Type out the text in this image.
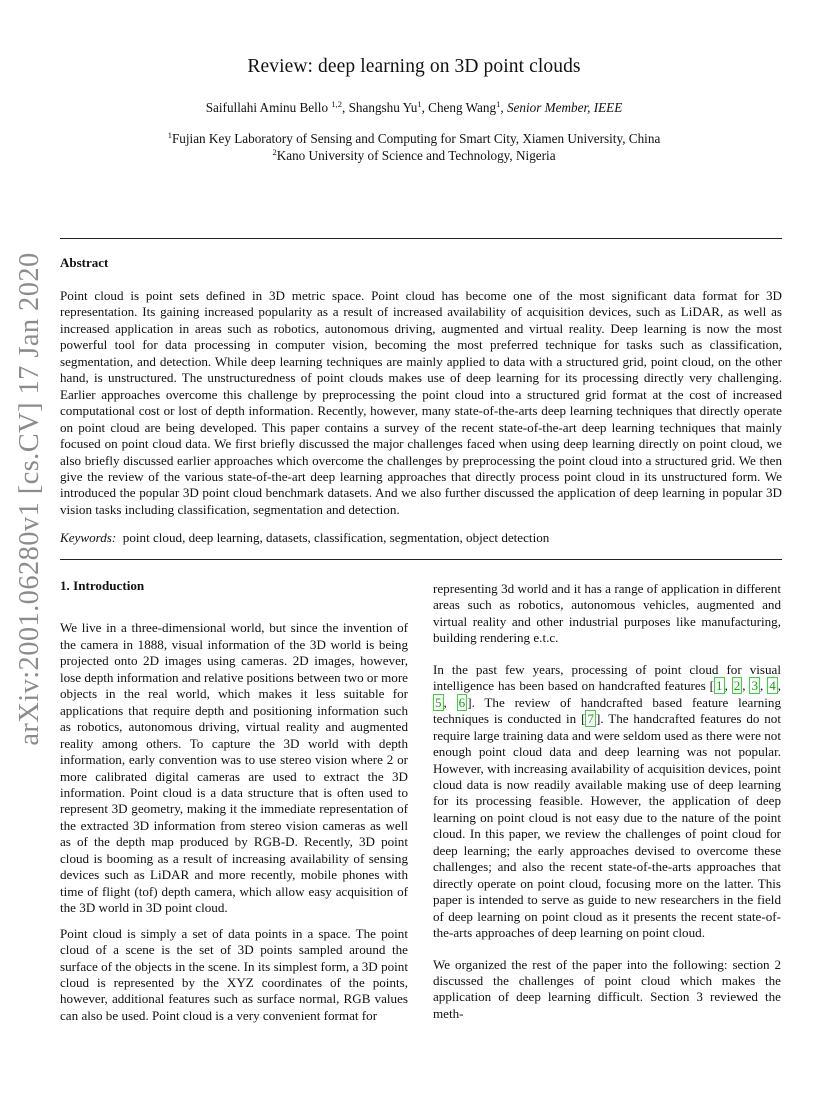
Review: deep learning on 3D point clouds
Saifullahi Aminu Bello $^{1,2}$, Shangshu Yu$^1$, Cheng Wang$^1$, Senior Member, IEEE
$^1$Fujian Key Laboratory of Sensing and Computing for Smart City, Xiamen University, China
$^2$Kano University of Science and Technology, Nigeria
Abstract

Point cloud is point sets defined in 3D metric space. Point cloud has become one of the most significant data format for 3D representation. Its gaining increased popularity as a result of increased availability of acquisition devices, such as LiDAR, as well as increased application in areas such as robotics, autonomous driving, augmented and virtual reality. Deep learning is now the most powerful tool for data processing in computer vision, becoming the most preferred technique for tasks such as classification, segmentation, and detection. While deep learning techniques are mainly applied to data with a structured grid, point cloud, on the other hand, is unstructured. The unstructuredness of point clouds makes use of deep learning for its processing directly very challenging. Earlier approaches overcome this challenge by preprocessing the point cloud into a structured grid format at the cost of increased computational cost or lost of depth information. Recently, however, many state-of-the-arts deep learning techniques that directly operate on point cloud are being developed. This paper contains a survey of the recent state-of-the-art deep learning techniques that mainly focused on point cloud data. We first briefly discussed the major challenges faced when using deep learning directly on point cloud, we also briefly discussed earlier approaches which overcome the challenges by preprocessing the point cloud into a structured grid. We then give the review of the various state-of-the-art deep learning approaches that directly process point cloud in its unstructured form. We introduced the popular 3D point cloud benchmark datasets. And we also further discussed the application of deep learning in popular 3D vision tasks including classification, segmentation and detection.

Keywords: point cloud, deep learning, datasets, classification, segmentation, object detection
arXiv:2001.06280v1 [cs.CV] 17 Jan 2020 1. Introduction

We live in a three-dimensional world, but since the invention of the camera in 1888, visual information of the 3D world is being projected onto 2D images using cameras. 2D images, however, lose depth information and relative positions between two or more objects in the real world, which makes it less suitable for applications that require depth and positioning information such as robotics, autonomous driving, virtual reality and augmented reality among others. To capture the 3D world with depth information, early convention was to use stereo vision where 2 or more calibrated digital cameras are used to extract the 3D information. Point cloud is a data structure that is often used to represent 3D geometry, making it the immediate representation of the extracted 3D information from stereo vision cameras as well as of the depth map produced by RGB-D. Recently, 3D point cloud is booming as a result of increasing availability of sensing devices such as LiDAR and more recently, mobile phones with time of flight (tof) depth camera, which allow easy acquisition of the 3D world in 3D point cloud.

Point cloud is simply a set of data points in a space. The point cloud of a scene is the set of 3D points sampled around the surface of the objects in the scene. In its simplest form, a 3D point cloud is represented by the XYZ coordinates of the points, however, additional features such as surface normal, RGB values can also be used. Point cloud is a very convenient format for

representing 3d world and it has a range of application in different areas such as robotics, autonomous vehicles, augmented and virtual reality and other industrial purposes like manufacturing, building rendering e.t.c.

In the past few years, processing of point cloud for visual intelligence has been based on handcrafted features [ 1 , 2 , 3 , 4 , 5 , 6 ]. The review of handcrafted based feature learning techniques is conducted in [ 7 ]. The handcrafted features do not require large training data and were seldom used as there were not enough point cloud data and deep learning was not popular. However, with increasing availability of acquisition devices, point cloud data is now readily available making use of deep learning for its processing feasible. However, the application of deep learning on point cloud is not easy due to the nature of the point cloud. In this paper, we review the challenges of point cloud for deep learning; the early approaches devised to overcome these challenges; and also the recent state-of-the-arts approaches that directly operate on point cloud, focusing more on the latter. This paper is intended to serve as guide to new researchers in the field of deep learning on point cloud as it presents the recent state-of-the-arts approaches of deep learning on point cloud.

We organized the rest of the paper into the following: section 2 discussed the challenges of point cloud which makes the application of deep learning difficult. Section 3 reviewed the meth-
